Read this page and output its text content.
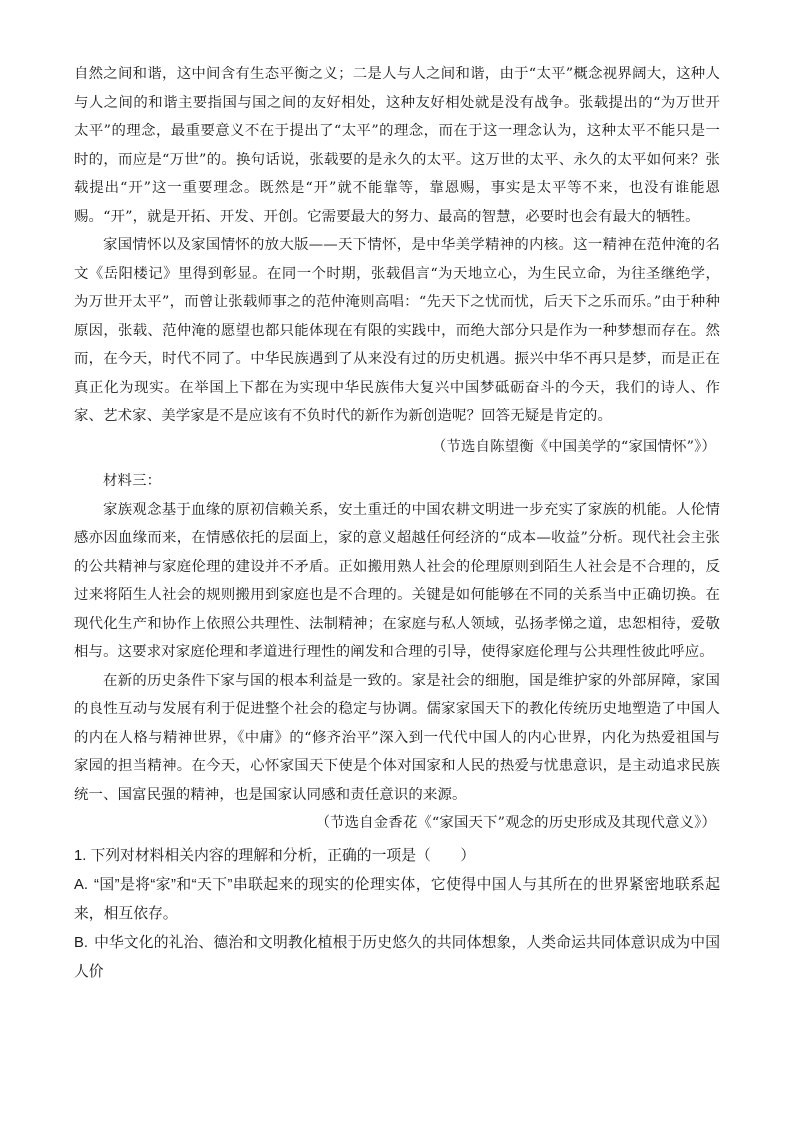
自然之间和谐，这中间含有生态平衡之义；二是人与人之间和谐，由于“太平”概念视界阔大，这种人与人之间的和谐主要指国与国之间的友好相处，这种友好相处就是没有战争。张载提出的“为万世开太平”的理念，最重要意义不在于提出了“太平”的理念，而在于这一理念认为，这种太平不能只是一时的，而应是“万世”的。换句话说，张载要的是永久的太平。这万世的太平、永久的太平如何来？张载提出“开”这一重要理念。既然是“开”就不能靠等，靠恩赐，事实是太平等不来，也没有谁能恩赐。“开”，就是开拓、开发、开创。它需要最大的努力、最高的智慧，必要时也会有最大的牺牲。

家国情怀以及家国情怀的放大版——天下情怀，是中华美学精神的内核。这一精神在范仲淹的名文《岳阳楼记》里得到彰显。在同一个时期，张载倡言“为天地立心，为生民立命，为往圣继绝学，为万世开太平”，而曾让张载师事之的范仲淹则高唱：“先天下之忧而忧，后天下之乐而乐。”由于种种原因，张载、范仲淹的愿望也都只能体现在有限的实践中，而绝大部分只是作为一种梦想而存在。然而，在今天，时代不同了。中华民族遇到了从来没有过的历史机遇。振兴中华不再只是梦，而是正在真正化为现实。在举国上下都在为实现中华民族伟大复兴中国梦砥砺奋斗的今天，我们的诗人、作家、艺术家、美学家是不是应该有不负时代的新作为新创造呢？回答无疑是肯定的。

（节选自陈望衡《中国美学的“家国情怀”》）

材料三：

家族观念基于血缘的原初信赖关系，安土重迁的中国农耕文明进一步充实了家族的机能。人伦情感亦因血缘而来，在情感依托的层面上，家的意义超越任何经济的“成本—收益”分析。现代社会主张的公共精神与家庭伦理的建设并不矛盾。正如搬用熟人社会的伦理原则到陌生人社会是不合理的，反过来将陌生人社会的规则搬用到家庭也是不合理的。关键是如何能够在不同的关系当中正确切换。在现代化生产和协作上依照公共理性、法制精神；在家庭与私人领域，弘扬孝悌之道，忠恕相待，爱敬相与。这要求对家庭伦理和孝道进行理性的阐发和合理的引导，使得家庭伦理与公共理性彼此呼应。

在新的历史条件下家与国的根本利益是一致的。家是社会的细胞，国是维护家的外部屏障，家国的良性互动与发展有利于促进整个社会的稳定与协调。儒家家国天下的教化传统历史地塑造了中国人的内在人格与精神世界，《中庸》的“修齐治平”深入到一代代中国人的内心世界，内化为热爱祖国与家园的担当精神。在今天，心怀家国天下使是个体对国家和人民的热爱与忧患意识，是主动追求民族统一、国富民强的精神，也是国家认同感和责任意识的来源。

（节选自金香花《“家国天下”观念的历史形成及其现代意义》）

1. 下列对材料相关内容的理解和分析，正确的一项是（　　）

A. “国”是将“家”和“天下”串联起来的现实的伦理实体，它使得中国人与其所在的世界紧密地联系起来，相互依存。

B. 中华文化的礼治、德治和文明教化植根于历史悠久的共同体想象，人类命运共同体意识成为中国人价
